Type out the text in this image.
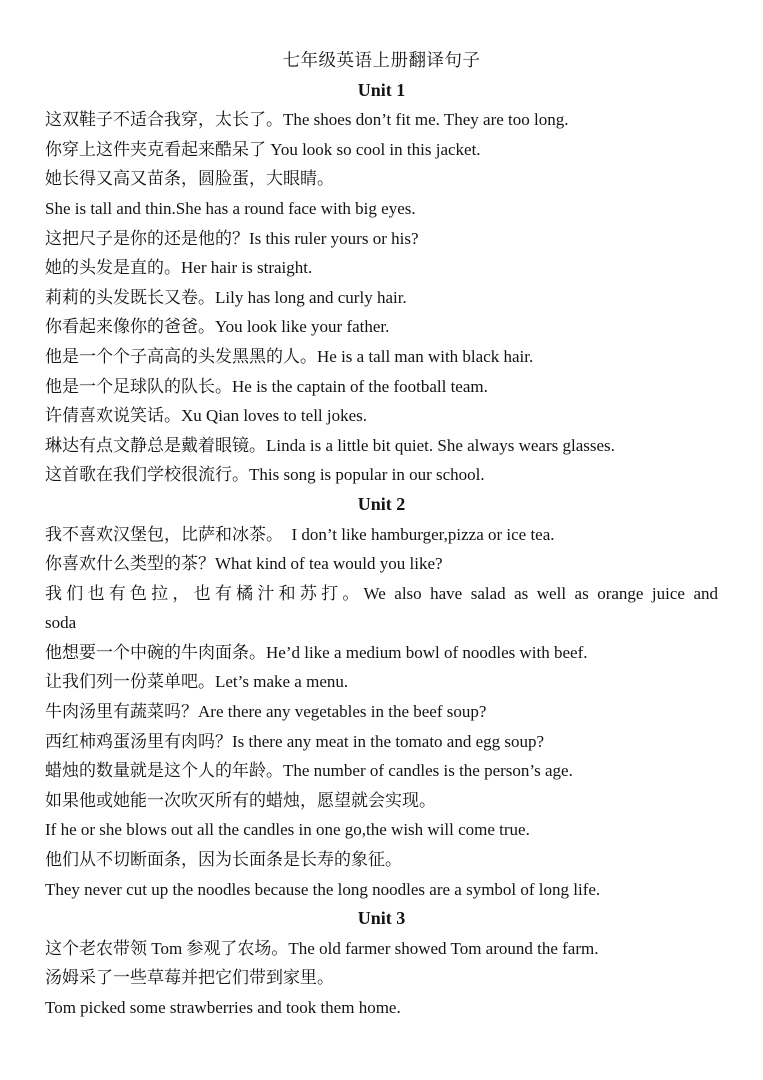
七年级英语上册翻译句子

Unit 1

这双鞋子不适合我穿，太长了。The shoes don’t fit me. They are too long.

你穿上这件夹克看起来酷呆了 You look so cool in this jacket.

她长得又高又苗条，圆脸蛋，大眼睛。

She is tall and thin.She has a round face with big eyes.

这把尺子是你的还是他的？Is this ruler yours or his?

她的头发是直的。Her hair is straight.

莉莉的头发既长又卷。Lily has long and curly hair.

你看起来像你的爸爸。You look like your father.

他是一个个子高高的头发黑黑的人。He is a tall man with black hair.

他是一个足球队的队长。He is the captain of the football team.

许倩喜欢说笑话。Xu Qian loves to tell jokes.

琳达有点文静总是戴着眼镜。Linda is a little bit quiet. She always wears glasses.

这首歌在我们学校很流行。This song is popular in our school.

Unit 2

我不喜欢汉堡包，比萨和冰茶。  I don’t like hamburger,pizza or ice tea.

你喜欢什么类型的茶？What kind of tea would you like?

我们也有色拉，也有橘汁和苏打。We also have salad as well as orange juice and

soda

他想要一个中碗的牛肉面条。He’d like a medium bowl of noodles with beef.

让我们列一份菜单吧。Let’s make a menu.

牛肉汤里有蔬菜吗？Are there any vegetables in the beef soup?

西红柿鸡蛋汤里有肉吗？Is there any meat in the tomato and egg soup?

蜡烛的数量就是这个人的年龄。The number of candles is the person’s age.

如果他或她能一次吹灭所有的蜡烛，愿望就会实现。

If he or she blows out all the candles in one go,the wish will come true.

他们从不切断面条，因为长面条是长寿的象征。

They never cut up the noodles because the long noodles are a symbol of long life.

Unit 3

这个老农带领 Tom 参观了农场。The old farmer showed Tom around the farm.

汤姆采了一些草莓并把它们带到家里。

Tom picked some strawberries and took them home.
